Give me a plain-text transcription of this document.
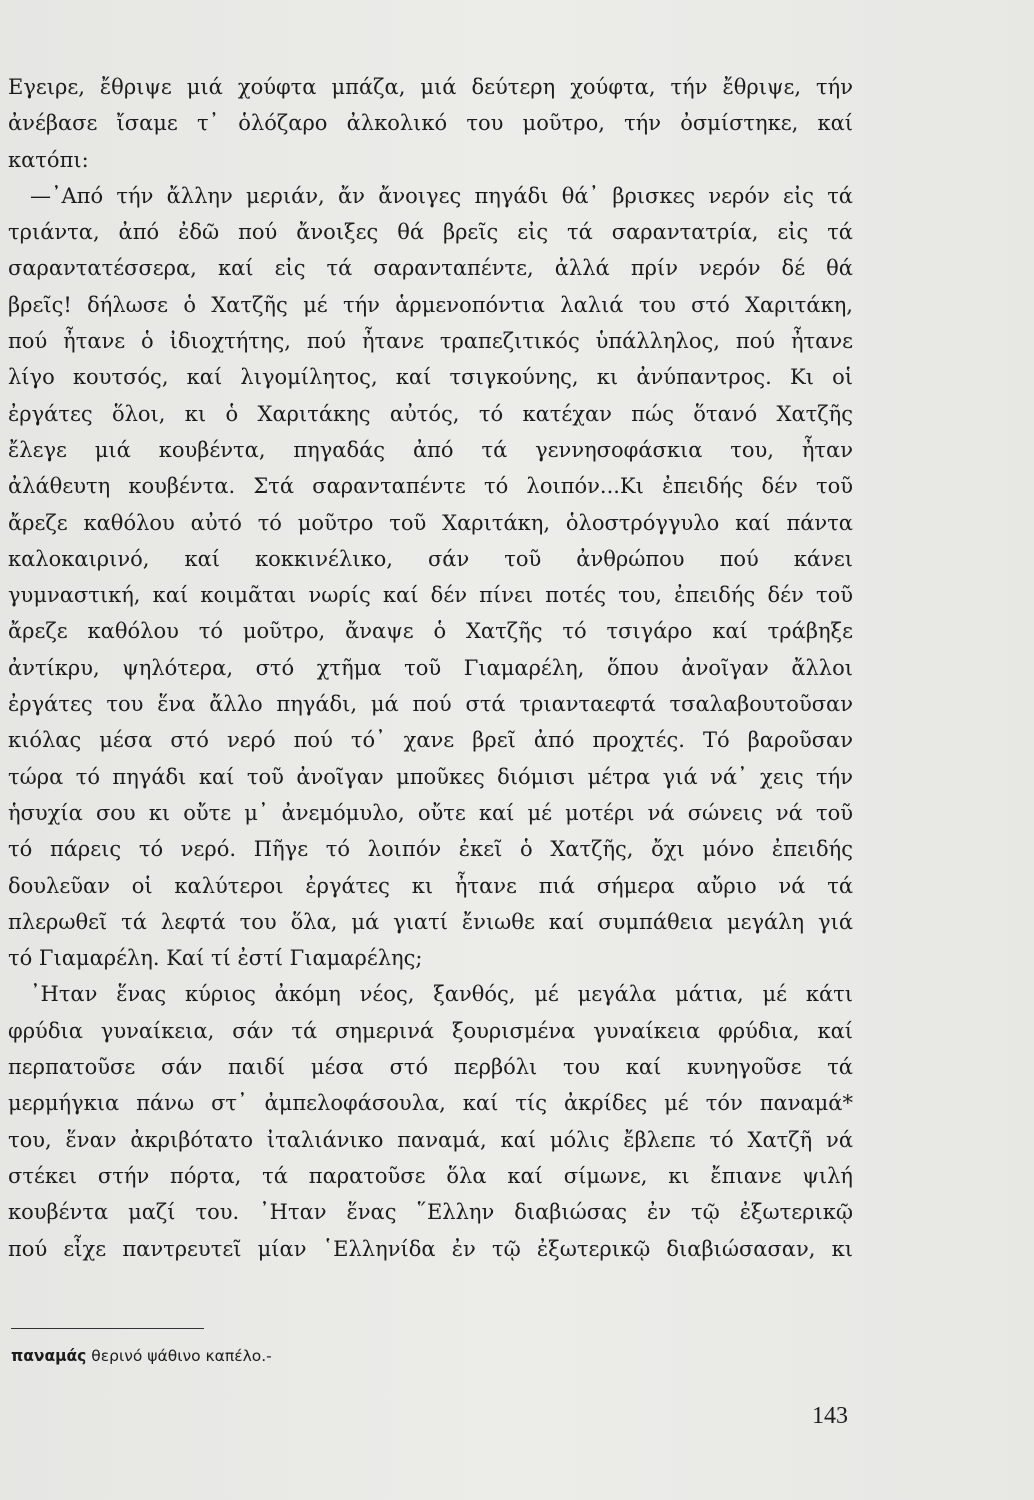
Εγειρε, ἔθριψε μιά χούφτα μπάζα, μιά δεύτερη χούφτα, τήν ἔθριψε, τήν
ἀνέβασε ἴσαμε τ᾿ ὁλόζαρο ἀλκολικό του μοῦτρο, τήν ὀσμίστηκε, καί
κατόπι:
—᾿Από τήν ἄλλην μεριάν, ἄν ἄνοιγες πηγάδι θά᾿ βρισκες νερόν εἰς τά
τριάντα, ἀπό ἐδῶ πού ἄνοιξες θά βρεῖς εἰς τά σαραντατρία, εἰς τά
σαραντατέσσερα, καί εἰς τά σαρανταπέντε, ἀλλά πρίν νερόν δέ θά
βρεῖς! δήλωσε ὁ Χατζῆς μέ τήν ἁρμενοπόντια λαλιά του στό Χαριτάκη,
πού ἦτανε ὁ ἰδιοχτήτης, πού ἦτανε τραπεζιτικός ὑπάλληλος, πού ἦτανε
λίγο κουτσός, καί λιγομίλητος, καί τσιγκούνης, κι ἀνύπαντρος. Κι οἱ
ἐργάτες ὅλοι, κι ὁ Χαριτάκης αὐτός, τό κατέχαν πώς ὅτανό Χατζῆς
ἔλεγε μιά κουβέντα, πηγαδάς ἀπό τά γεννησοφάσκια του, ἦταν
ἀλάθευτη κουβέντα. Στά σαρανταπέντε τό λοιπόν...Κι ἐπειδής δέν τοῦ
ἄρεζε καθόλου αὐτό τό μοῦτρο τοῦ Χαριτάκη, ὁλοστρόγγυλο καί πάντα
καλοκαιρινό, καί κοκκινέλικο, σάν τοῦ ἀνθρώπου πού κάνει
γυμναστική, καί κοιμᾶται νωρίς καί δέν πίνει ποτές του, ἐπειδής δέν τοῦ
ἄρεζε καθόλου τό μοῦτρο, ἄναψε ὁ Χατζῆς τό τσιγάρο καί τράβηξε
ἀντίκρυ, ψηλότερα, στό χτῆμα τοῦ Γιαμαρέλη, ὅπου ἀνοῖγαν ἄλλοι
ἐργάτες του ἕνα ἄλλο πηγάδι, μά πού στά τριανταεφτά τσαλαβουτοῦσαν
κιόλας μέσα στό νερό πού τό᾿ χανε βρεῖ ἀπό προχτές. Τό βαροῦσαν
τώρα τό πηγάδι καί τοῦ ἀνοῖγαν μποῦκες διόμισι μέτρα γιά νά᾿ χεις τήν
ἡσυχία σου κι οὔτε μ᾿ ἀνεμόμυλο, οὔτε καί μέ μοτέρι νά σώνεις νά τοῦ
τό πάρεις τό νερό. Πῆγε τό λοιπόν ἐκεῖ ὁ Χατζῆς, ὄχι μόνο ἐπειδής
δουλεῦαν οἱ καλύτεροι ἐργάτες κι ἦτανε πιά σήμερα αὔριο νά τά
πλερωθεῖ τά λεφτά του ὅλα, μά γιατί ἔνιωθε καί συμπάθεια μεγάλη γιά
τό Γιαμαρέλη. Καί τί ἐστί Γιαμαρέλης;
᾿Ηταν ἕνας κύριος ἀκόμη νέος, ξανθός, μέ μεγάλα μάτια, μέ κάτι
φρύδια γυναίκεια, σάν τά σημερινά ξουρισμένα γυναίκεια φρύδια, καί
περπατοῦσε σάν παιδί μέσα στό περβόλι του καί κυνηγοῦσε τά
μερμήγκια πάνω στ᾿ ἀμπελοφάσουλα, καί τίς ἀκρίδες μέ τόν παναμά*
του, ἕναν ἀκριβότατο ἰταλιάνικο παναμά, καί μόλις ἔβλεπε τό Χατζῆ νά
στέκει στήν πόρτα, τά παρατοῦσε ὅλα καί σίμωνε, κι ἔπιανε ψιλή
κουβέντα μαζί του. ᾿Ηταν ἕνας ῞Ελλην διαβιώσας ἐν τῷ ἐξωτερικῷ
πού εἶχε παντρευτεῖ μίαν ῾Ελληνίδα ἐν τῷ ἐξωτερικῷ διαβιώσασαν, κι
παναμάς θερινό ψάθινο καπέλο.-
143
